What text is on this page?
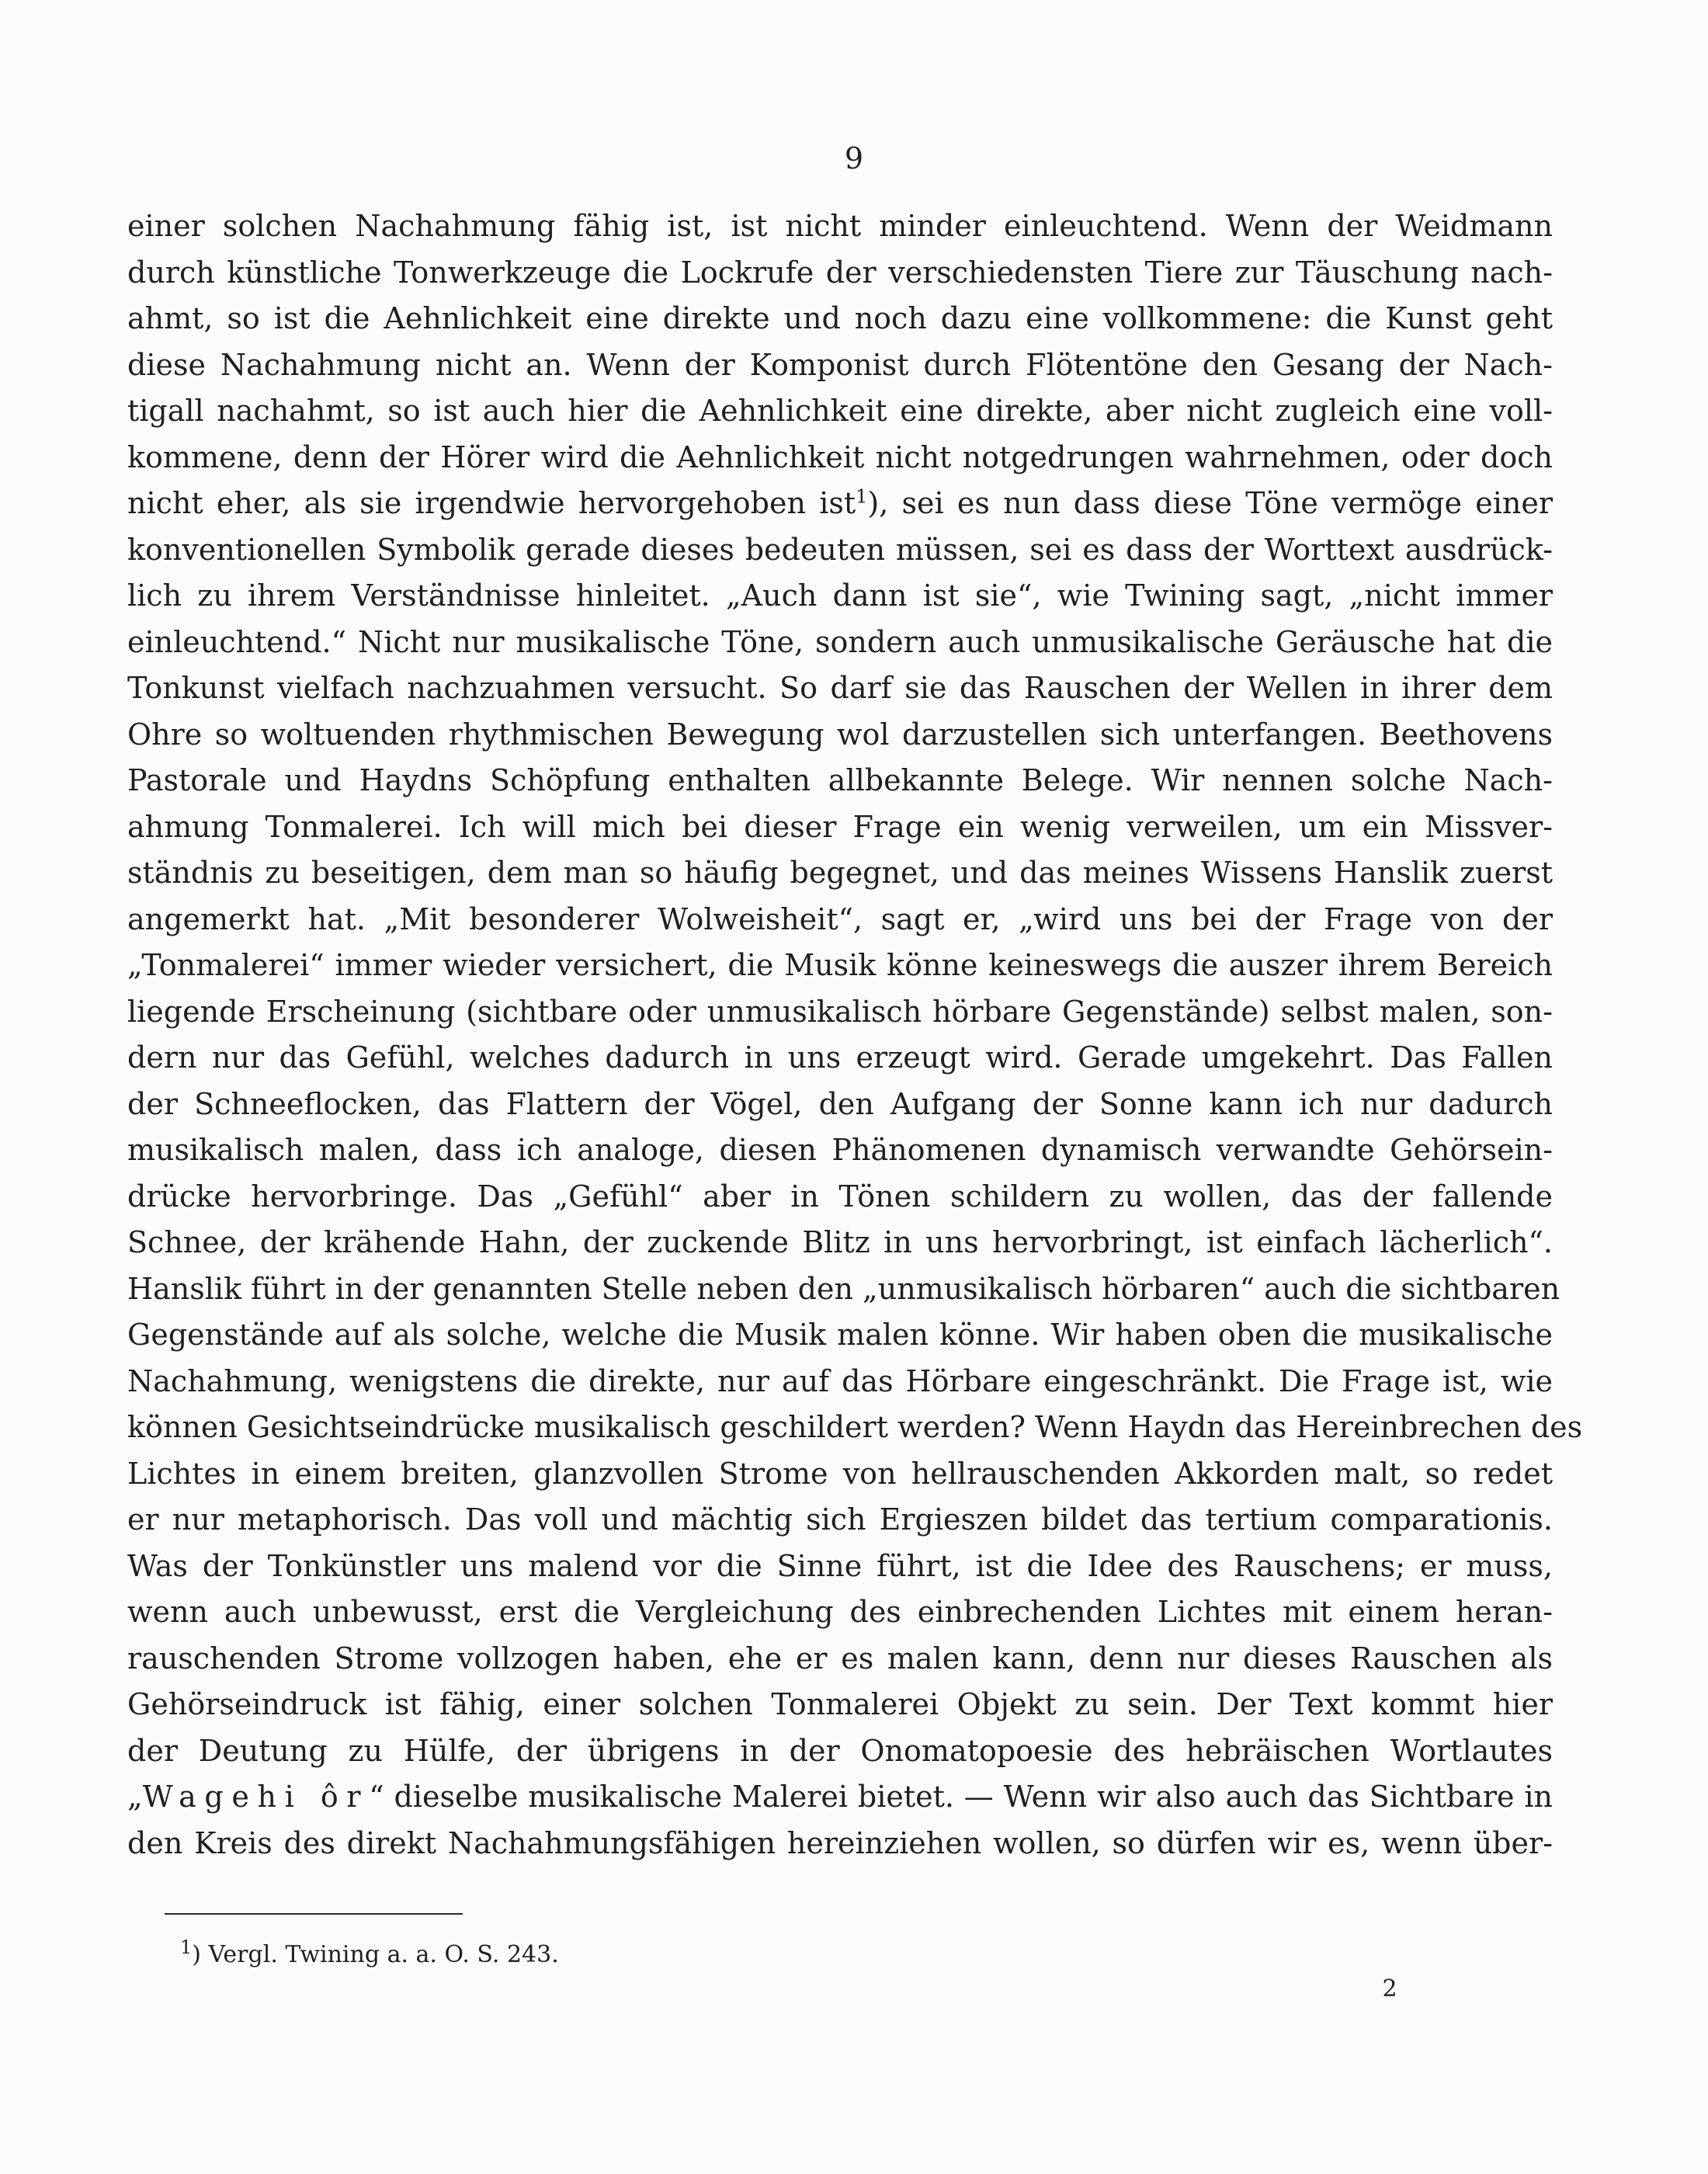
9
einer solchen Nachahmung fähig ist, ist nicht minder einleuchtend. Wenn der Weidmann
durch künstliche Tonwerkzeuge die Lockrufe der verschiedensten Tiere zur Täuschung nach-
ahmt, so ist die Aehnlichkeit eine direkte und noch dazu eine vollkommene: die Kunst geht
diese Nachahmung nicht an. Wenn der Komponist durch Flötentöne den Gesang der Nach-
tigall nachahmt, so ist auch hier die Aehnlichkeit eine direkte, aber nicht zugleich eine voll-
kommene, denn der Hörer wird die Aehnlichkeit nicht notgedrungen wahrnehmen, oder doch
nicht eher, als sie irgendwie hervorgehoben ist$^1$), sei es nun dass diese Töne vermöge einer
konventionellen Symbolik gerade dieses bedeuten müssen, sei es dass der Worttext ausdrück-
lich zu ihrem Verständnisse hinleitet. „Auch dann ist sie“, wie Twining sagt, „nicht immer
einleuchtend.“ Nicht nur musikalische Töne, sondern auch unmusikalische Geräusche hat die
Tonkunst vielfach nachzuahmen versucht. So darf sie das Rauschen der Wellen in ihrer dem
Ohre so woltuenden rhythmischen Bewegung wol darzustellen sich unterfangen. Beethovens
Pastorale und Haydns Schöpfung enthalten allbekannte Belege. Wir nennen solche Nach-
ahmung Tonmalerei. Ich will mich bei dieser Frage ein wenig verweilen, um ein Missver-
ständnis zu beseitigen, dem man so häufig begegnet, und das meines Wissens Hanslik zuerst
angemerkt hat. „Mit besonderer Wolweisheit“, sagt er, „wird uns bei der Frage von der
„Tonmalerei“ immer wieder versichert, die Musik könne keineswegs die auszer ihrem Bereich
liegende Erscheinung (sichtbare oder unmusikalisch hörbare Gegenstände) selbst malen, son-
dern nur das Gefühl, welches dadurch in uns erzeugt wird. Gerade umgekehrt. Das Fallen
der Schneeflocken, das Flattern der Vögel, den Aufgang der Sonne kann ich nur dadurch
musikalisch malen, dass ich analoge, diesen Phänomenen dynamisch verwandte Gehörsein-
drücke hervorbringe. Das „Gefühl“ aber in Tönen schildern zu wollen, das der fallende
Schnee, der krähende Hahn, der zuckende Blitz in uns hervorbringt, ist einfach lächerlich“.
Hanslik führt in der genannten Stelle neben den „unmusikalisch hörbaren“ auch die sichtbaren
Gegenstände auf als solche, welche die Musik malen könne. Wir haben oben die musikalische
Nachahmung, wenigstens die direkte, nur auf das Hörbare eingeschränkt. Die Frage ist, wie
können Gesichtseindrücke musikalisch geschildert werden? Wenn Haydn das Hereinbrechen des
Lichtes in einem breiten, glanzvollen Strome von hellrauschenden Akkorden malt, so redet
er nur metaphorisch. Das voll und mächtig sich Ergieszen bildet das tertium comparationis.
Was der Tonkünstler uns malend vor die Sinne führt, ist die Idee des Rauschens; er muss,
wenn auch unbewusst, erst die Vergleichung des einbrechenden Lichtes mit einem heran-
rauschenden Strome vollzogen haben, ehe er es malen kann, denn nur dieses Rauschen als
Gehörseindruck ist fähig, einer solchen Tonmalerei Objekt zu sein. Der Text kommt hier
der Deutung zu Hülfe, der übrigens in der Onomatopoesie des hebräischen Wortlautes
„Wagehi ôr“ dieselbe musikalische Malerei bietet. — Wenn wir also auch das Sichtbare in
den Kreis des direkt Nachahmungsfähigen hereinziehen wollen, so dürfen wir es, wenn über-
$^1$) Vergl. Twining a. a. O. S. 243.
2
